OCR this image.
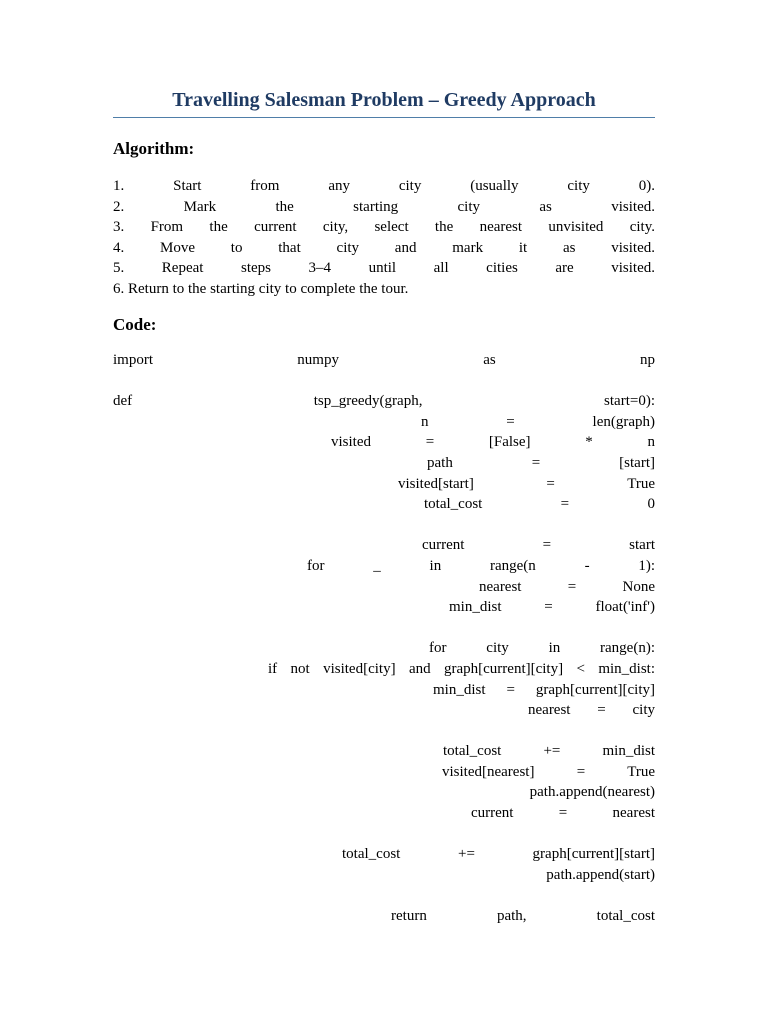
Travelling Salesman Problem – Greedy Approach
Algorithm:
1. Start from any city (usually city 0).
2. Mark the starting city as visited.
3. From the current city, select the nearest unvisited city.
4. Move to that city and mark it as visited.
5. Repeat steps 3–4 until all cities are visited.
6. Return to the starting city to complete the tour.
Code:
import numpy as np
def tsp_greedy(graph, start=0):
n = len(graph)
visited = [False] * n
path = [start]
visited[start] = True
total_cost = 0
current = start
for _ in range(n - 1):
nearest = None
min_dist = float('inf')
for city in range(n):
if not visited[city] and graph[current][city] < min_dist:
min_dist = graph[current][city]
nearest = city
total_cost += min_dist
visited[nearest] = True
path.append(nearest)
current = nearest
total_cost += graph[current][start]
path.append(start)
return path, total_cost
